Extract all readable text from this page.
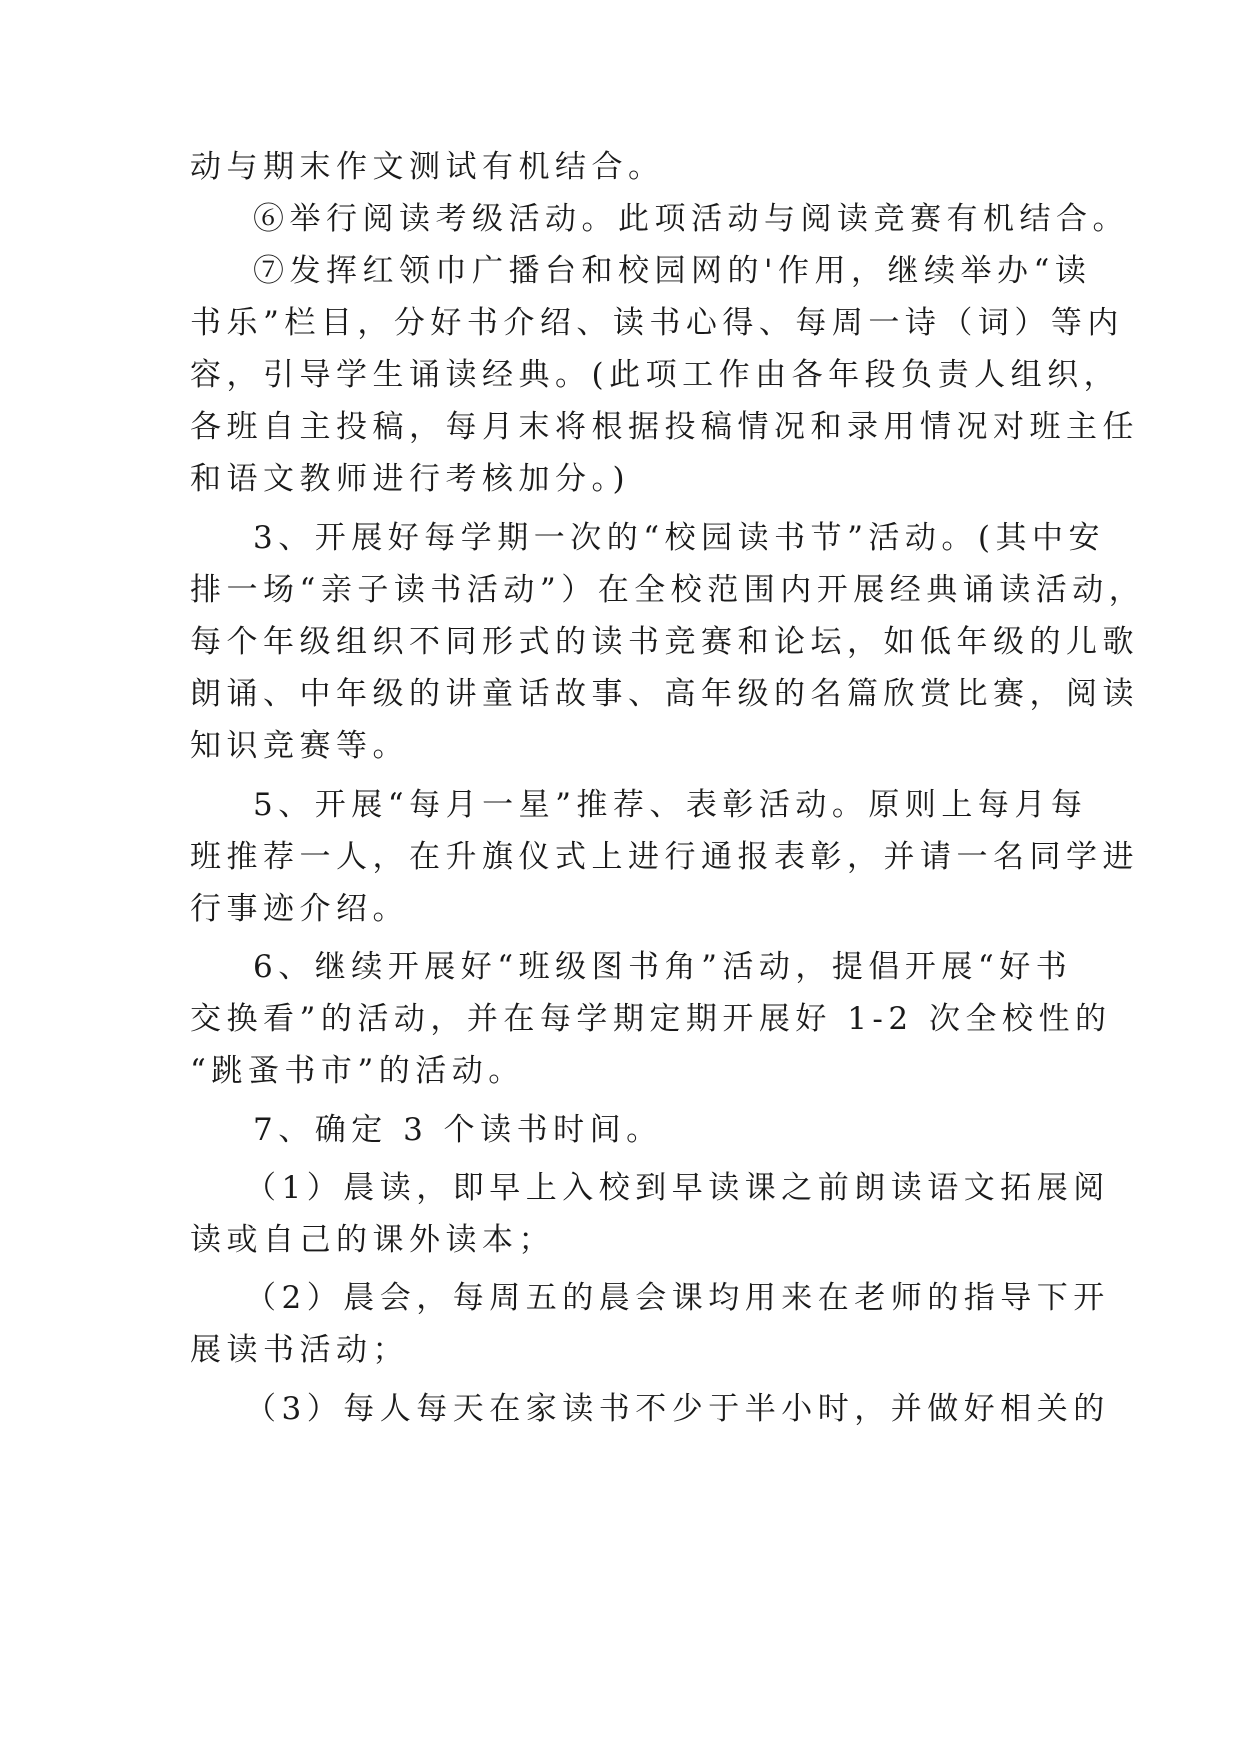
动与期末作文测试有机结合。
⑥举行阅读考级活动。此项活动与阅读竞赛有机结合。
⑦发挥红领巾广播台和校园网的'作用，继续举办“读
书乐”栏目，分好书介绍、读书心得、每周一诗（词）等内
容，引导学生诵读经典。(此项工作由各年段负责人组织，
各班自主投稿，每月末将根据投稿情况和录用情况对班主任
和语文教师进行考核加分。)
3、开展好每学期一次的“校园读书节”活动。(其中安
排一场“亲子读书活动”）在全校范围内开展经典诵读活动，
每个年级组织不同形式的读书竞赛和论坛，如低年级的儿歌
朗诵、中年级的讲童话故事、高年级的名篇欣赏比赛，阅读
知识竞赛等。
5、开展“每月一星”推荐、表彰活动。原则上每月每
班推荐一人，在升旗仪式上进行通报表彰，并请一名同学进
行事迹介绍。
6、继续开展好“班级图书角”活动，提倡开展“好书
交换看”的活动，并在每学期定期开展好 1-2 次全校性的
“跳蚤书市”的活动。
7、确定 3 个读书时间。
（1）晨读，即早上入校到早读课之前朗读语文拓展阅
读或自己的课外读本；
（2）晨会，每周五的晨会课均用来在老师的指导下开
展读书活动；
（3）每人每天在家读书不少于半小时，并做好相关的
